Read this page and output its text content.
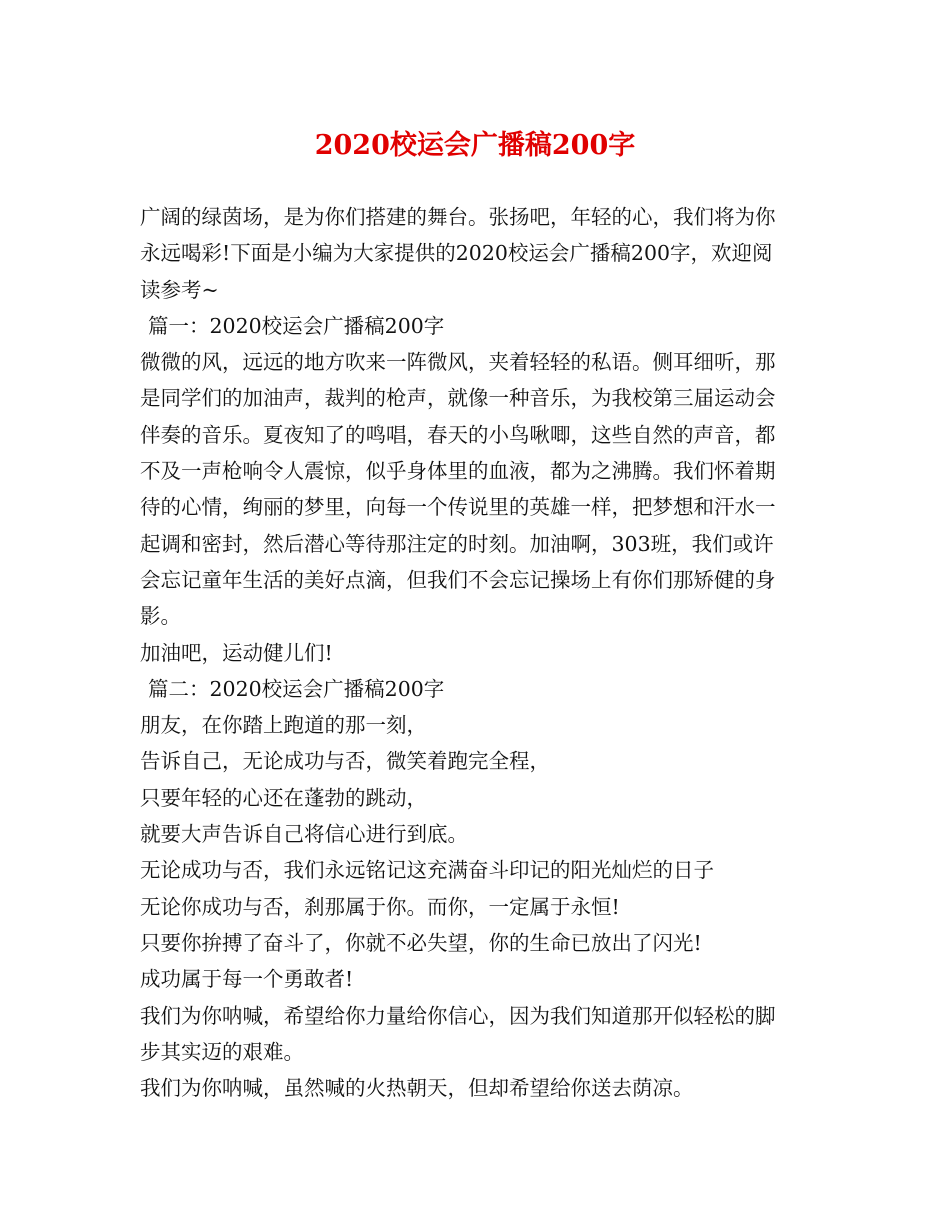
2020校运会广播稿200字

广阔的绿茵场，是为你们搭建的舞台。张扬吧，年轻的心，我们将为你

永远喝彩!下面是小编为大家提供的2020校运会广播稿200字，欢迎阅

读参考~

篇一：2020校运会广播稿200字

微微的风，远远的地方吹来一阵微风，夹着轻轻的私语。侧耳细听，那

是同学们的加油声，裁判的枪声，就像一种音乐，为我校第三届运动会

伴奏的音乐。夏夜知了的鸣唱，春天的小鸟啾唧，这些自然的声音，都

不及一声枪响令人震惊，似乎身体里的血液，都为之沸腾。我们怀着期

待的心情，绚丽的梦里，向每一个传说里的英雄一样，把梦想和汗水一

起调和密封，然后潜心等待那注定的时刻。加油啊，303班，我们或许

会忘记童年生活的美好点滴，但我们不会忘记操场上有你们那矫健的身

影。

加油吧，运动健儿们!

篇二：2020校运会广播稿200字

朋友，在你踏上跑道的那一刻，

告诉自己，无论成功与否，微笑着跑完全程，

只要年轻的心还在蓬勃的跳动，

就要大声告诉自己将信心进行到底。

无论成功与否，我们永远铭记这充满奋斗印记的阳光灿烂的日子

无论你成功与否，刹那属于你。而你，一定属于永恒!

只要你拚搏了奋斗了，你就不必失望，你的生命已放出了闪光!

成功属于每一个勇敢者!

我们为你呐喊，希望给你力量给你信心，因为我们知道那开似轻松的脚

步其实迈的艰难。

我们为你呐喊，虽然喊的火热朝天，但却希望给你送去荫凉。
